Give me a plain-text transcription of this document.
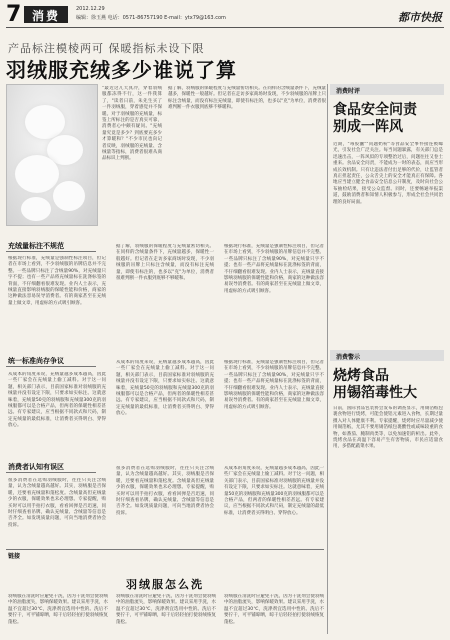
7 消费	2012.12.29
编辑：徐玉燕 电话：0571-86757190 E-mail：ytx79@163.com	都市快报
产品标注模棱两可 保暖指标未设下限
羽绒服充绒多少谁说了算
"最近这几天真冷，穿着羽绒服都冻得不行，这一件我算了，"读者日前，朱先生买了一件羽绒服，穿着感觉并不保暖。对于羽绒服的充绒量，标签上所标注的是否真实可靠，消费者心中颇有疑问。"充绒量究竟是多少？到底要充多少才算暖和？"不少市民也向记者反映，羽绒服的充绒量、含绒量等指标，消费者很难从商品标识上判断。
据了解，羽绒服的保暖程度与充绒量密切相关。在同样的含绒量条件下，充绒量越多，保暖性一般越好。但记者在走访多家商场时发现，不少羽绒服的吊牌上只标注含绒量，而没有标注充绒量，即使有标注的，也多以"克"为单位，消费者很难判断一件衣服到底够不够暖和。
充绒量标注不规范
根据现行标准，充绒量是强制性标注项目，但记者在市场上看到，不少羽绒服的吊牌信息并不完整。一些品牌只标注了含绒量90%，对充绒量只字不提；也有一些产品将充绒量标在洗涤标签的背面，不仔细翻看很难发现。业内人士表示，充绒量直接影响羽绒服的保暖性能和价格，商家的这种做法容易误导消费者。有的商家甚至在充绒量上做文章，用虚标的方式吸引顾客。
据了解，羽绒服的保暖程度与充绒量密切相关。在同样的含绒量条件下，充绒量越多，保暖性一般越好。但记者在走访多家商场时发现，不少羽绒服的吊牌上只标注含绒量，而没有标注充绒量，即使有标注的，也多以"克"为单位，消费者很难判断一件衣服到底够不够暖和。
根据现行标准，充绒量是强制性标注项目，但记者在市场上看到，不少羽绒服的吊牌信息并不完整。一些品牌只标注了含绒量90%，对充绒量只字不提；也有一些产品将充绒量标在洗涤标签的背面，不仔细翻看很难发现。业内人士表示，充绒量直接影响羽绒服的保暖性能和价格，商家的这种做法容易误导消费者。有的商家甚至在充绒量上做文章，用虚标的方式吸引顾客。
统一标准尚存争议
从成本的角度来说，充绒量越多成本越高，因此一些厂家会在充绒量上偷工减料。对于这一问题，相关部门表示，目前国家标准对羽绒服的充绒量并没有设定下限，只要求如实标注。这就意味着，充绒量50克的羽绒服和充绒量300克的羽绒服都可以是合格产品，但两者的保暖性相差甚远。有专家建议，应当根据不同款式和尺码，制定充绒量的最低标准，让消费者买得明白、穿得放心。
从成本的角度来说，充绒量越多成本越高，因此一些厂家会在充绒量上偷工减料。对于这一问题，相关部门表示，目前国家标准对羽绒服的充绒量并没有设定下限，只要求如实标注。这就意味着，充绒量50克的羽绒服和充绒量300克的羽绒服都可以是合格产品，但两者的保暖性相差甚远。有专家建议，应当根据不同款式和尺码，制定充绒量的最低标准，让消费者买得明白、穿得放心。
根据现行标准，充绒量是强制性标注项目，但记者在市场上看到，不少羽绒服的吊牌信息并不完整。一些品牌只标注了含绒量90%，对充绒量只字不提；也有一些产品将充绒量标在洗涤标签的背面，不仔细翻看很难发现。业内人士表示，充绒量直接影响羽绒服的保暖性能和价格，商家的这种做法容易误导消费者。有的商家甚至在充绒量上做文章，用虚标的方式吸引顾客。
消费者认知有误区
很多消费者在选购羽绒服时，往往只关注含绒量，认为含绒量越高越好。其实，羽绒服是否保暖，还要看充绒量和蓬松度。含绒量高但充绒量少的衣服，保暖效果也未必理想。专家提醒，购买时可以用手拍打衣服，看看回弹是否迅速，同时仔细查看吊牌，确认充绒量、含绒量等信息是否齐全。如发现质量问题，可向当地消费者协会投诉。
很多消费者在选购羽绒服时，往往只关注含绒量，认为含绒量越高越好。其实，羽绒服是否保暖，还要看充绒量和蓬松度。含绒量高但充绒量少的衣服，保暖效果也未必理想。专家提醒，购买时可以用手拍打衣服，看看回弹是否迅速，同时仔细查看吊牌，确认充绒量、含绒量等信息是否齐全。如发现质量问题，可向当地消费者协会投诉。
从成本的角度来说，充绒量越多成本越高，因此一些厂家会在充绒量上偷工减料。对于这一问题，相关部门表示，目前国家标准对羽绒服的充绒量并没有设定下限，只要求如实标注。这就意味着，充绒量50克的羽绒服和充绒量300克的羽绒服都可以是合格产品，但两者的保暖性相差甚远。有专家建议，应当根据不同款式和尺码，制定充绒量的最低标准，让消费者买得明白、穿得放心。
链接
羽绒服怎么洗
羽绒服在清洗时应避免干洗，因为干洗剂会使羽绒中的油脂流失，影响保暖效果。建议采用手洗，水温不宜超过30℃，洗涤剂宜选用中性的。洗后不要拧干，可平铺晾晒，晾干后轻轻拍打使羽绒恢复蓬松。
羽绒服在清洗时应避免干洗，因为干洗剂会使羽绒中的油脂流失，影响保暖效果。建议采用手洗，水温不宜超过30℃，洗涤剂宜选用中性的。洗后不要拧干，可平铺晾晒，晾干后轻轻拍打使羽绒恢复蓬松。
羽绒服在清洗时应避免干洗，因为干洗剂会使羽绒中的油脂流失，影响保暖效果。建议采用手洗，水温不宜超过30℃，洗涤剂宜选用中性的。洗后不要拧干，可平铺晾晒，晾干后轻轻拍打使羽绒恢复蓬松。
消费时评
食品安全问责
别成一阵风
近期，"毒胶囊""问题奶粉"等食品安全事件接连被曝光，引发社会广泛关注。每当问题暴露，有关部门总是迅速出击，一阵风似的专项整治过后，问题往往又卷土重来。食品安全问责，不能成为一时的表态，而应当形成长效机制。只有让违法者付出足够的代价，让监管者真正担起责任，公众舌尖上的安全才能真正有保障。各地应当建立健全食品安全信息公开制度，及时向社会公布抽检结果，接受公众监督。同时，还要畅通举报渠道，鼓励消费者和知情人积极参与，形成全社会共同治理的良好局面。
消费警示
烧烤食品
用锡箔毒性大
日前，国际食品包装协会发布的调查显示，用锡箔纸包裹食物进行烧烤，可能会使铝元素进入食物，长期过量摄入对人体健康不利。专家提醒，烧烤时应尽量减少使用锡箔纸，尤其不要用锡箔纸包裹酸性或咸味较重的食物，如番茄、腌制肉类等，以免加速铝的析出。此外，烧烤食品在高温下容易产生有害物质，市民应适量食用，多搭配蔬菜水果。
